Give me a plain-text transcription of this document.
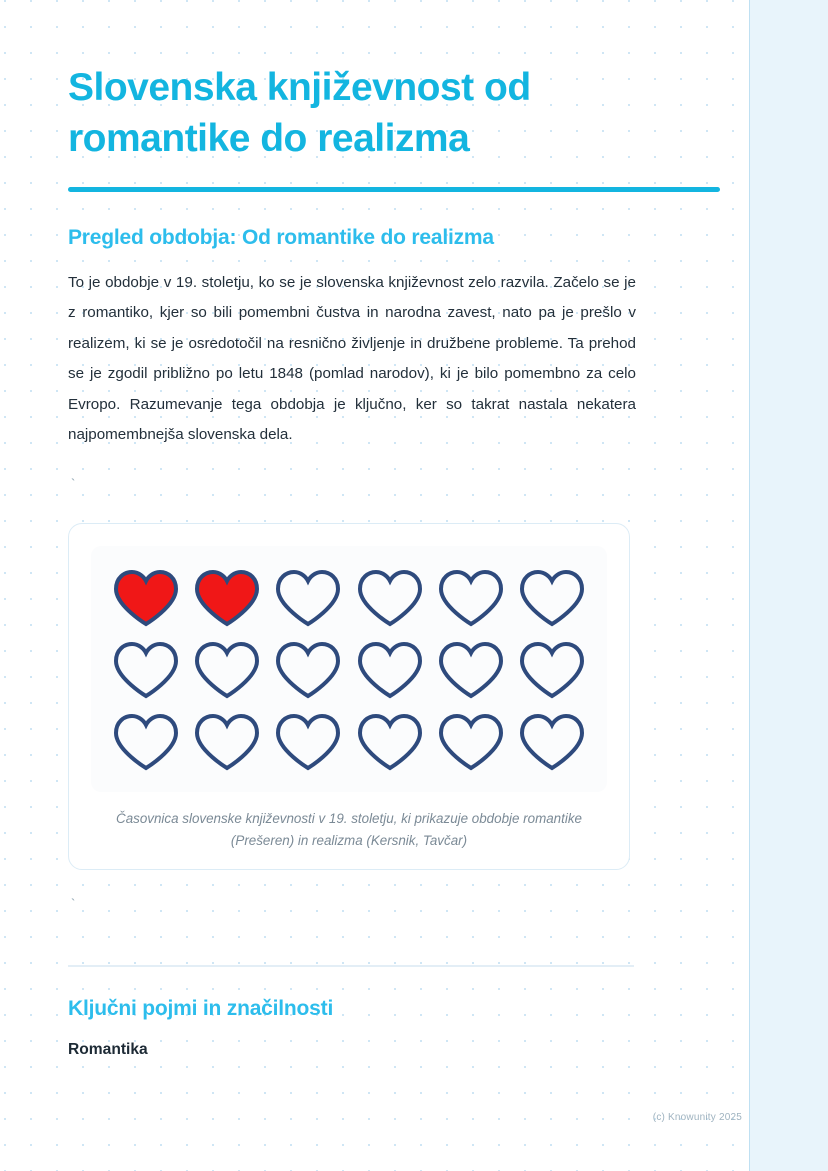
Slovenska književnost od romantike do realizma
Pregled obdobja: Od romantike do realizma

To je obdobje v 19. stoletju, ko se je slovenska književnost zelo razvila. Začelo se je z romantiko, kjer so bili pomembni čustva in narodna zavest, nato pa je prešlo v realizem, ki se je osredotočil na resnično življenje in družbene probleme. Ta prehod se je zgodil približno po letu 1848 (pomlad narodov), ki je bilo pomembno za celo Evropo. Razumevanje tega obdobja je ključno, ker so takrat nastala nekatera najpomembnejša slovenska dela.

`
Časovnica slovenske književnosti v 19. stoletju, ki prikazuje obdobje romantike (Prešeren) in realizma (Kersnik, Tavčar)
`
Ključni pojmi in značilnosti
Romantika
(c) Knowunity 2025
